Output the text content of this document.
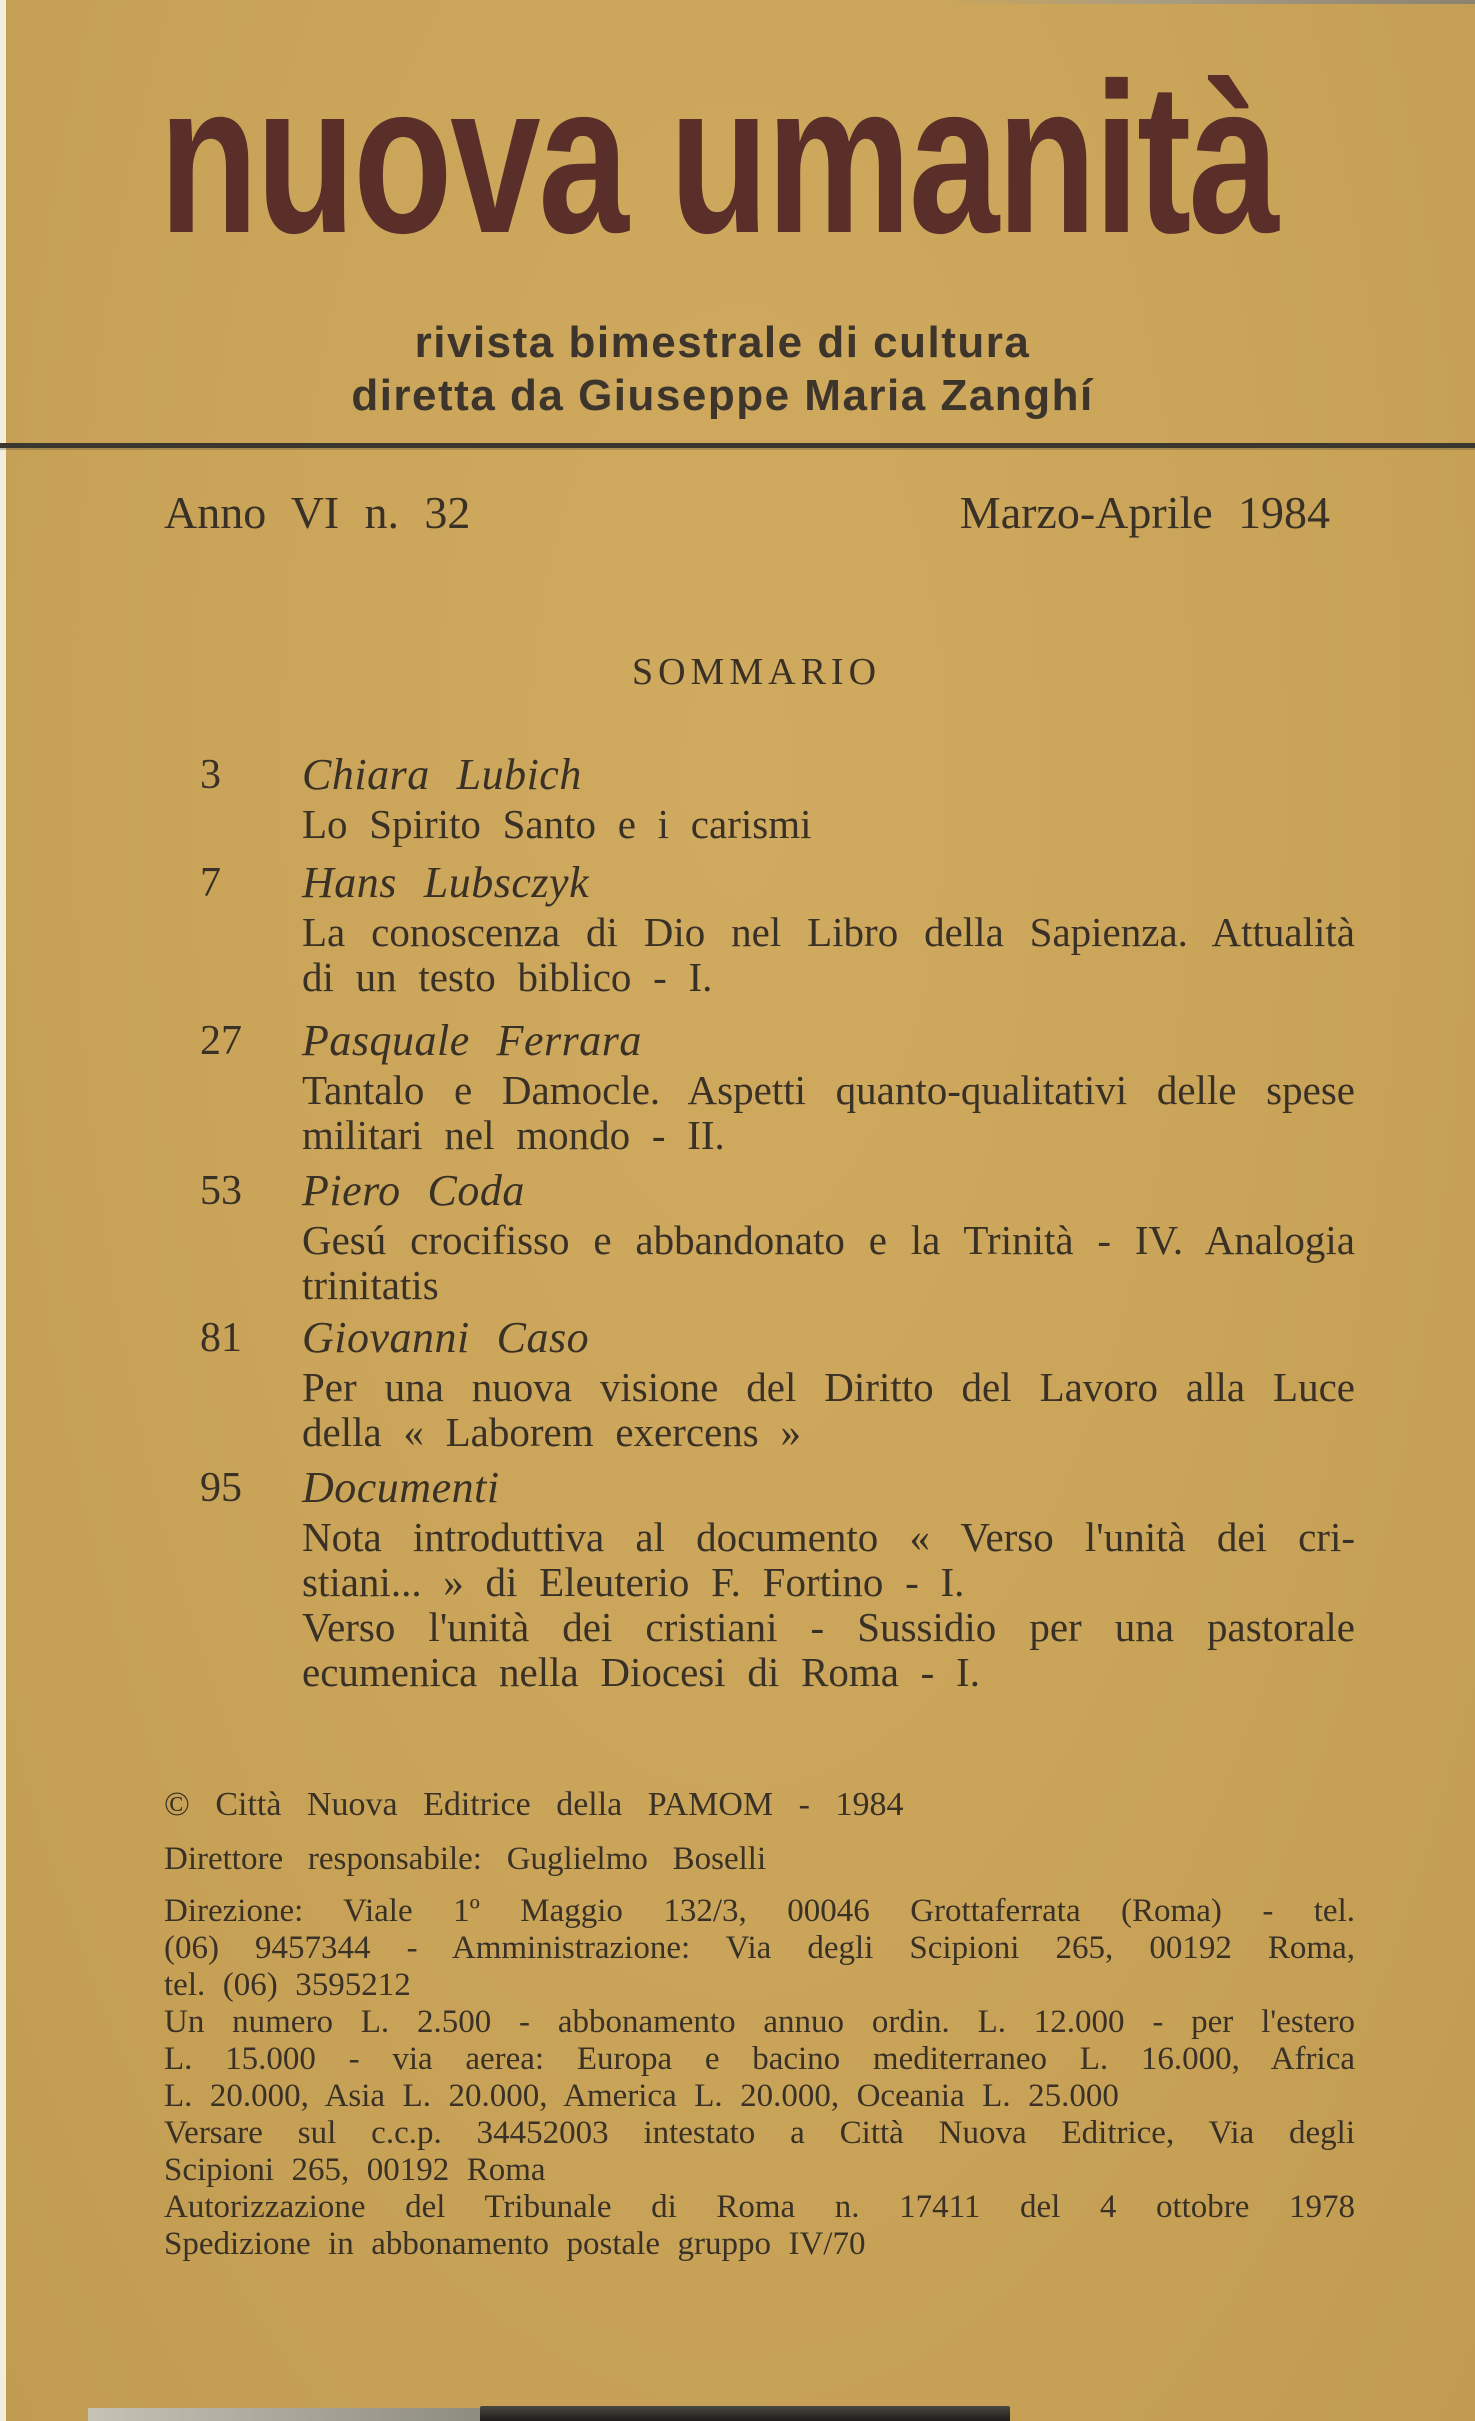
nuova umanità
rivista bimestrale di cultura
diretta da Giuseppe Maria Zanghí
Anno VI n. 32	Marzo-Aprile 1984
SOMMARIO
3	Chiara Lubich
Lo Spirito Santo e i carismi
7	Hans Lubsczyk
La conoscenza di Dio nel Libro della Sapienza. Attualità
di un testo biblico - I.
27	Pasquale Ferrara
Tantalo e Damocle. Aspetti quanto-qualitativi delle spese
militari nel mondo - II.
53	Piero Coda
Gesú crocifisso e abbandonato e la Trinità - IV. Analogia
trinitatis
81	Giovanni Caso
Per una nuova visione del Diritto del Lavoro alla Luce
della « Laborem exercens »
95	Documenti
Nota introduttiva al documento « Verso l'unità dei cri-
stiani... » di Eleuterio F. Fortino - I.
Verso l'unità dei cristiani - Sussidio per una pastorale
ecumenica nella Diocesi di Roma - I.
© Città Nuova Editrice della PAMOM - 1984
Direttore responsabile: Guglielmo Boselli
Direzione: Viale 1º Maggio 132/3, 00046 Grottaferrata (Roma) - tel.
(06) 9457344 - Amministrazione: Via degli Scipioni 265, 00192 Roma,
tel. (06) 3595212
Un numero L. 2.500 - abbonamento annuo ordin. L. 12.000 - per l'estero
L. 15.000 - via aerea: Europa e bacino mediterraneo L. 16.000, Africa
L. 20.000, Asia L. 20.000, America L. 20.000, Oceania L. 25.000
Versare sul c.c.p. 34452003 intestato a Città Nuova Editrice, Via degli
Scipioni 265, 00192 Roma
Autorizzazione del Tribunale di Roma n. 17411 del 4 ottobre 1978
Spedizione in abbonamento postale gruppo IV/70
